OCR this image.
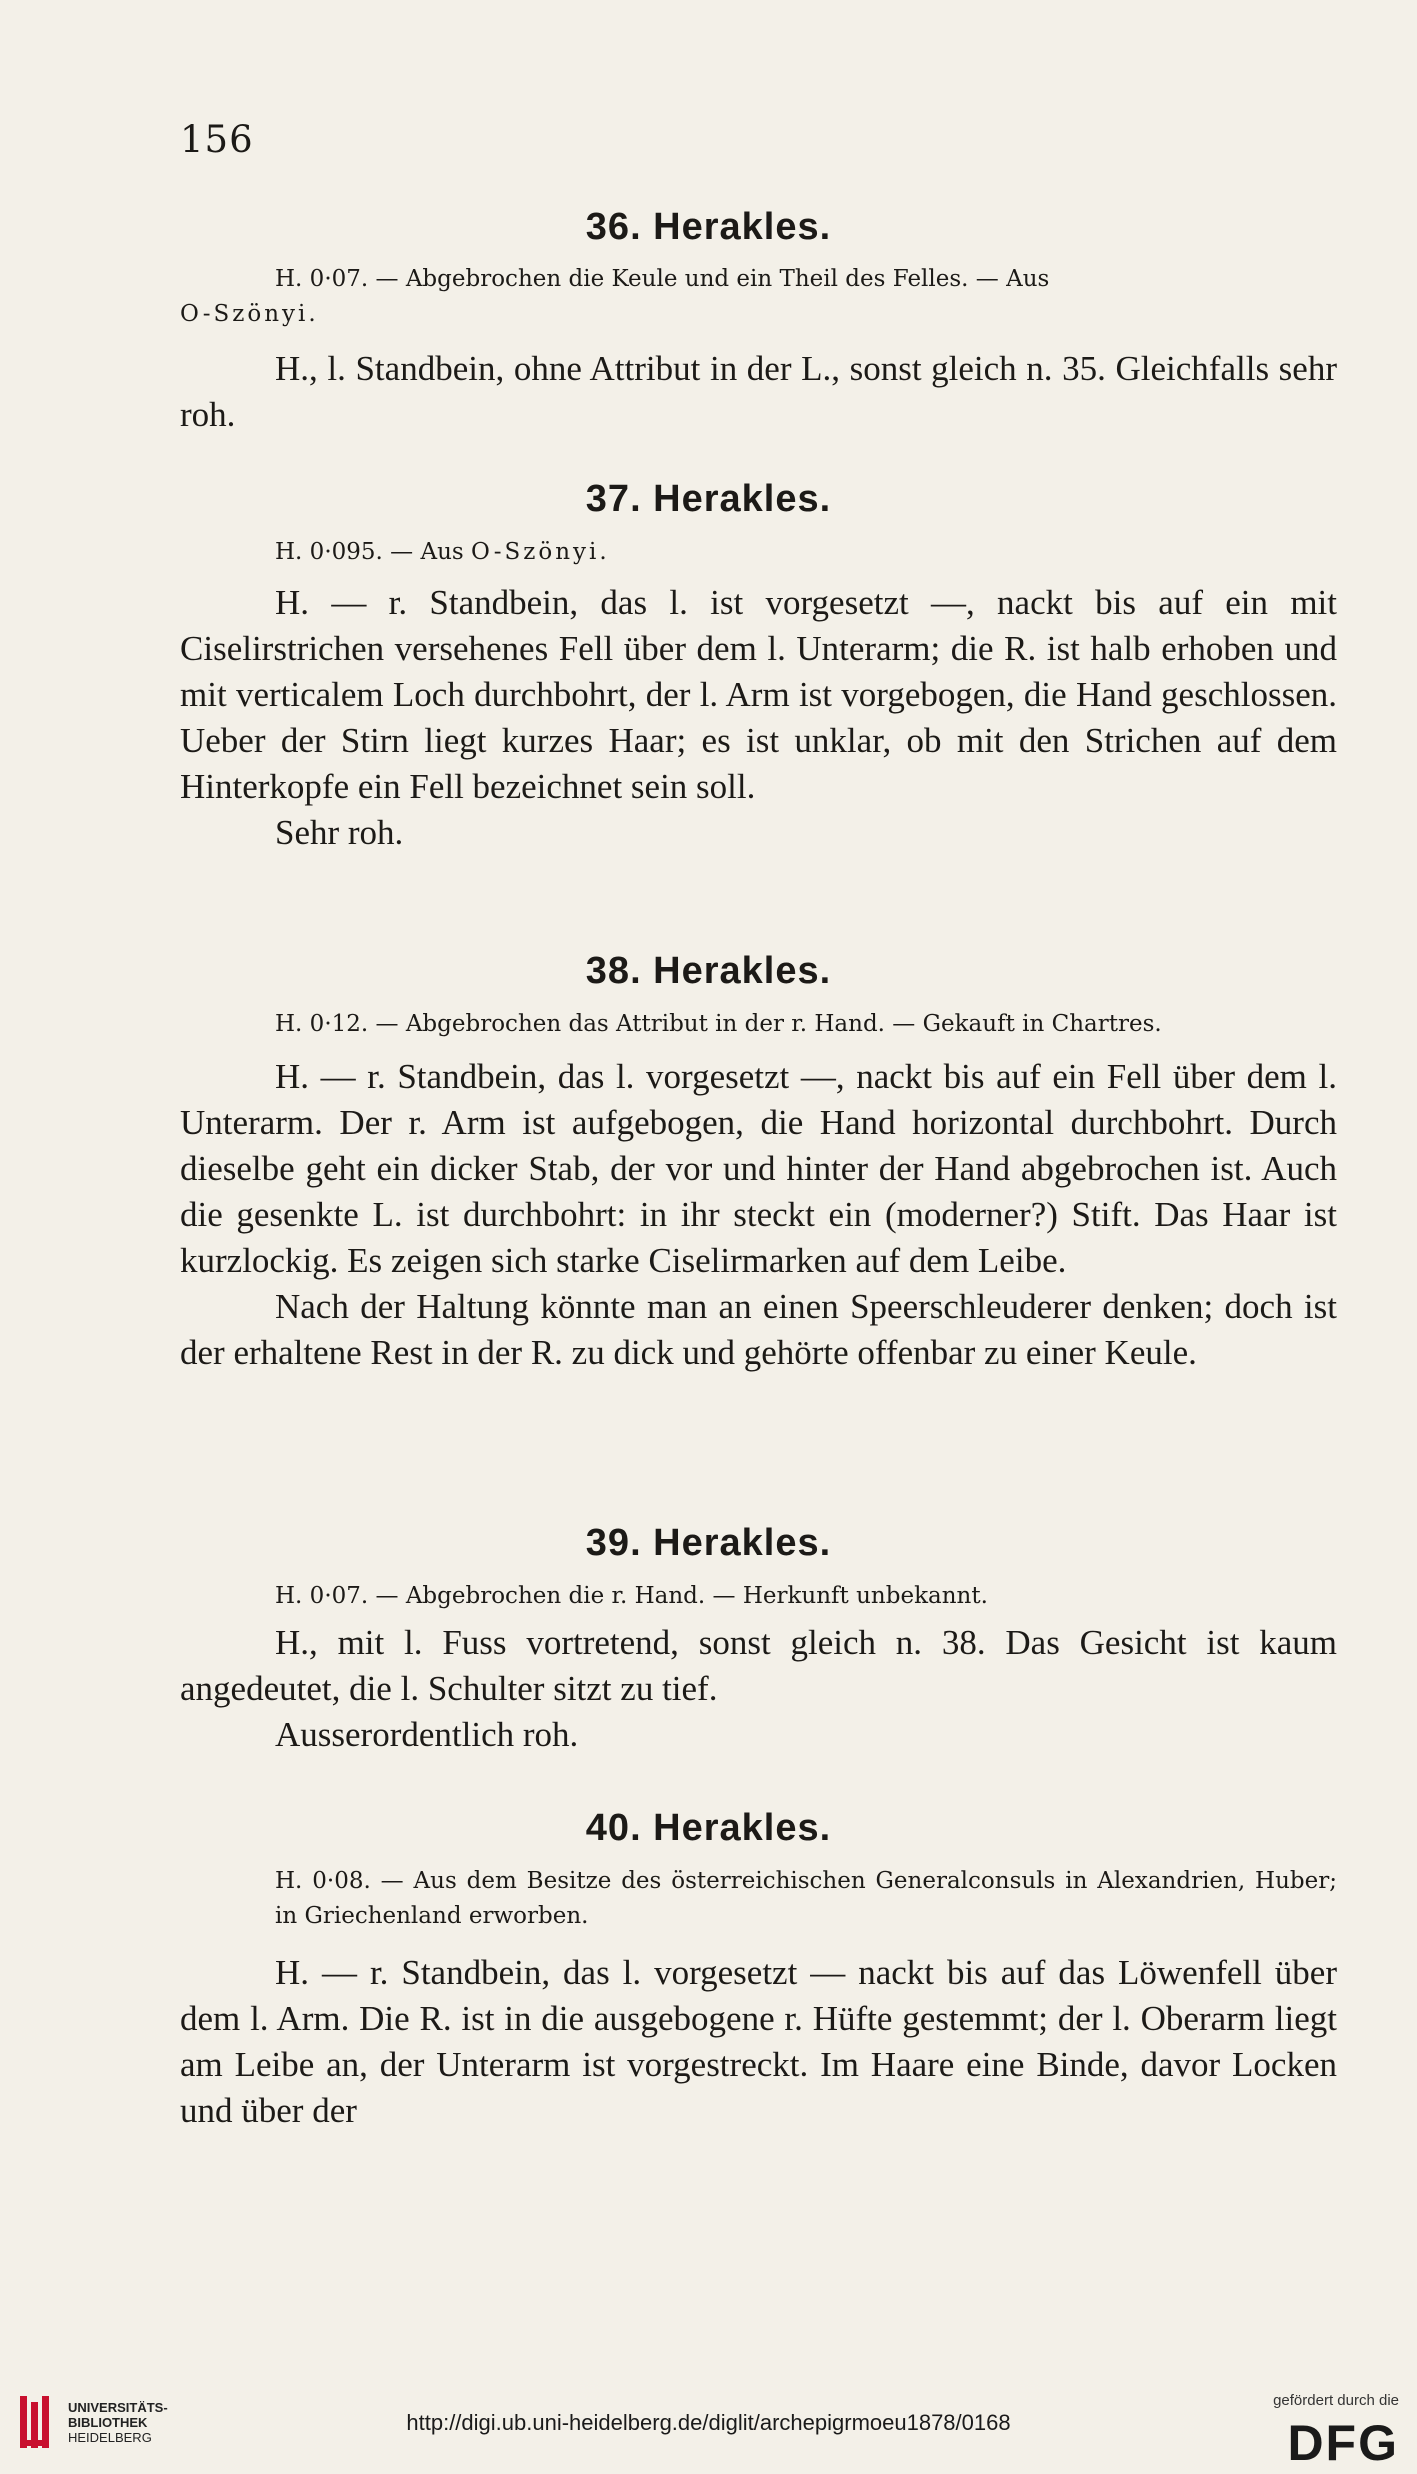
156
36. Herakles.
H. 0·07. — Abgebrochen die Keule und ein Theil des Felles. — Aus
O-Szönyi.

H., l. Standbein, ohne Attribut in der L., sonst gleich n. 35. Gleichfalls sehr roh.

37. Herakles.
H. 0·095. — Aus O-Szönyi.

H. — r. Standbein, das l. ist vorgesetzt —, nackt bis auf ein mit Ciselirstrichen versehenes Fell über dem l. Unterarm; die R. ist halb erhoben und mit verticalem Loch durchbohrt, der l. Arm ist vorgebogen, die Hand geschlossen. Ueber der Stirn liegt kurzes Haar; es ist unklar, ob mit den Strichen auf dem Hinterkopfe ein Fell bezeichnet sein soll.

Sehr roh.

38. Herakles.
H. 0·12. — Abgebrochen das Attribut in der r. Hand. — Gekauft in Chartres.

H. — r. Standbein, das l. vorgesetzt —, nackt bis auf ein Fell über dem l. Unterarm. Der r. Arm ist aufgebogen, die Hand horizontal durchbohrt. Durch dieselbe geht ein dicker Stab, der vor und hinter der Hand abgebrochen ist. Auch die gesenkte L. ist durchbohrt: in ihr steckt ein (moderner?) Stift. Das Haar ist kurzlockig. Es zeigen sich starke Ciselirmarken auf dem Leibe.

Nach der Haltung könnte man an einen Speerschleuderer denken; doch ist der erhaltene Rest in der R. zu dick und gehörte offenbar zu einer Keule.

39. Herakles.
H. 0·07. — Abgebrochen die r. Hand. — Herkunft unbekannt.

H., mit l. Fuss vortretend, sonst gleich n. 38. Das Gesicht ist kaum angedeutet, die l. Schulter sitzt zu tief.

Ausserordentlich roh.

40. Herakles.
H. 0·08. — Aus dem Besitze des österreichischen Generalconsuls in Alexandrien, Huber; in Griechenland erworben.

H. — r. Standbein, das l. vorgesetzt — nackt bis auf das Löwenfell über dem l. Arm. Die R. ist in die ausgebogene r. Hüfte gestemmt; der l. Oberarm liegt am Leibe an, der Unterarm ist vorgestreckt. Im Haare eine Binde, davor Locken und über der

UNIVERSITÄTS-
BIBLIOTHEK
HEIDELBERG
http://digi.ub.uni-heidelberg.de/diglit/archepigrmoeu1878/0168
gefördert durch die
DFG
